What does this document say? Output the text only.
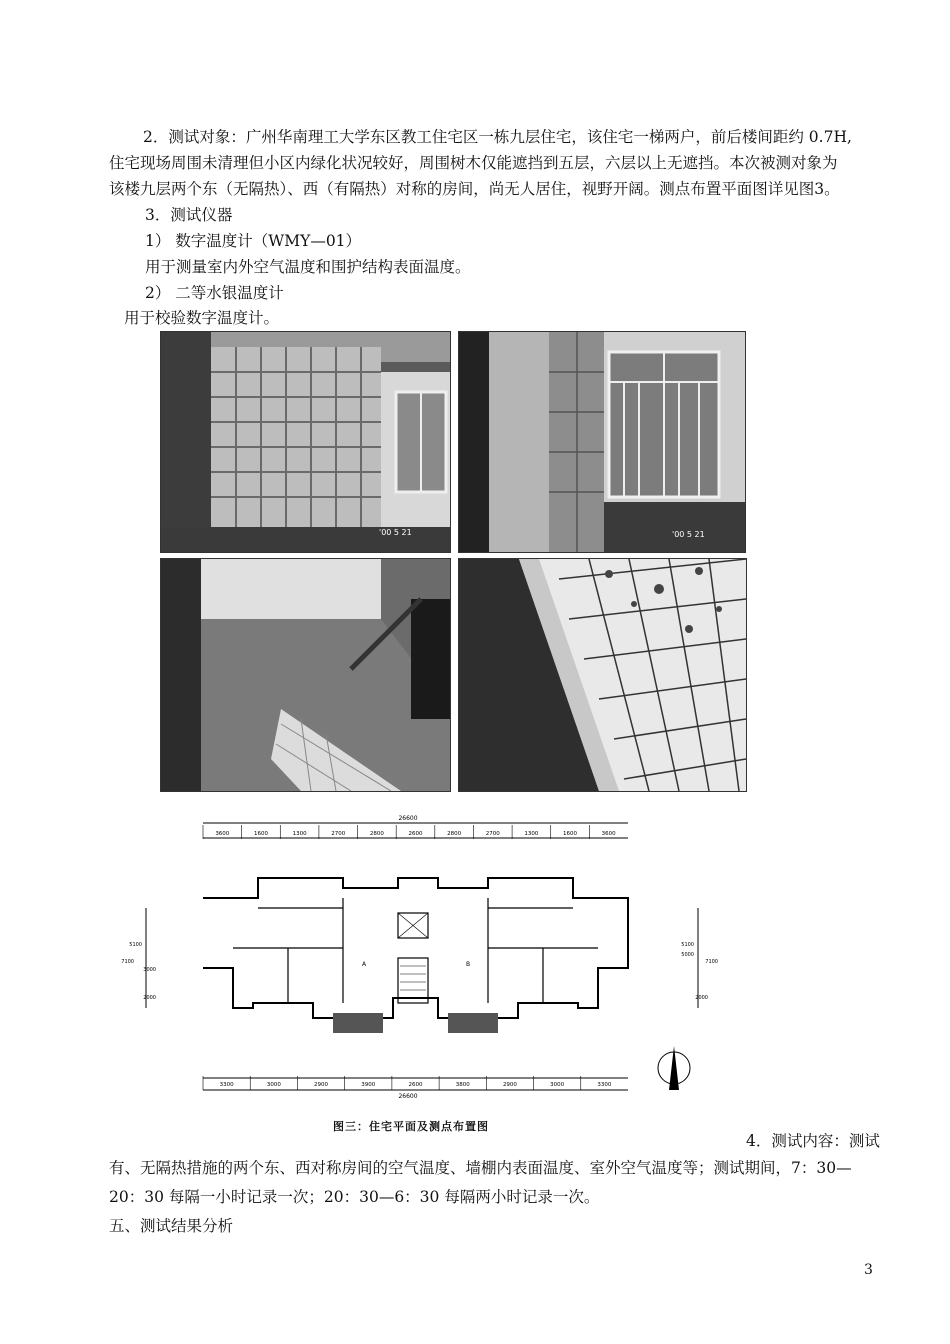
2．测试对象：广州华南理工大学东区教工住宅区一栋九层住宅，该住宅一梯两户，前后楼间距约 0.7H,
住宅现场周围未清理但小区内绿化状况较好，周围树木仅能遮挡到五层，六层以上无遮挡。本次被测对象为
该楼九层两个东（无隔热）、西（有隔热）对称的房间，尚无人居住，视野开阔。测点布置平面图详见图3。
3．测试仪器
1） 数字温度计（WMY—01）
用于测量室内外空气温度和围护结构表面温度。
2） 二等水银温度计
用于校验数字温度计。
'00 5 21	'00 5 21
26600
3600	1600	1300	2700	2800	2600	2800	2700	1300	1600	3600
A	B
5100
7100
3000
2000
5100
7100
5000
2000
3300	3000	2900	3900	2600	3800	2900	3000	3300
26600
图三：住宅平面及测点布置图
4．测试内容：测试
有、无隔热措施的两个东、西对称房间的空气温度、墙棚内表面温度、室外空气温度等；测试期间，7：30—
20：30 每隔一小时记录一次；20：30—6：30 每隔两小时记录一次。
五、测试结果分析
3
